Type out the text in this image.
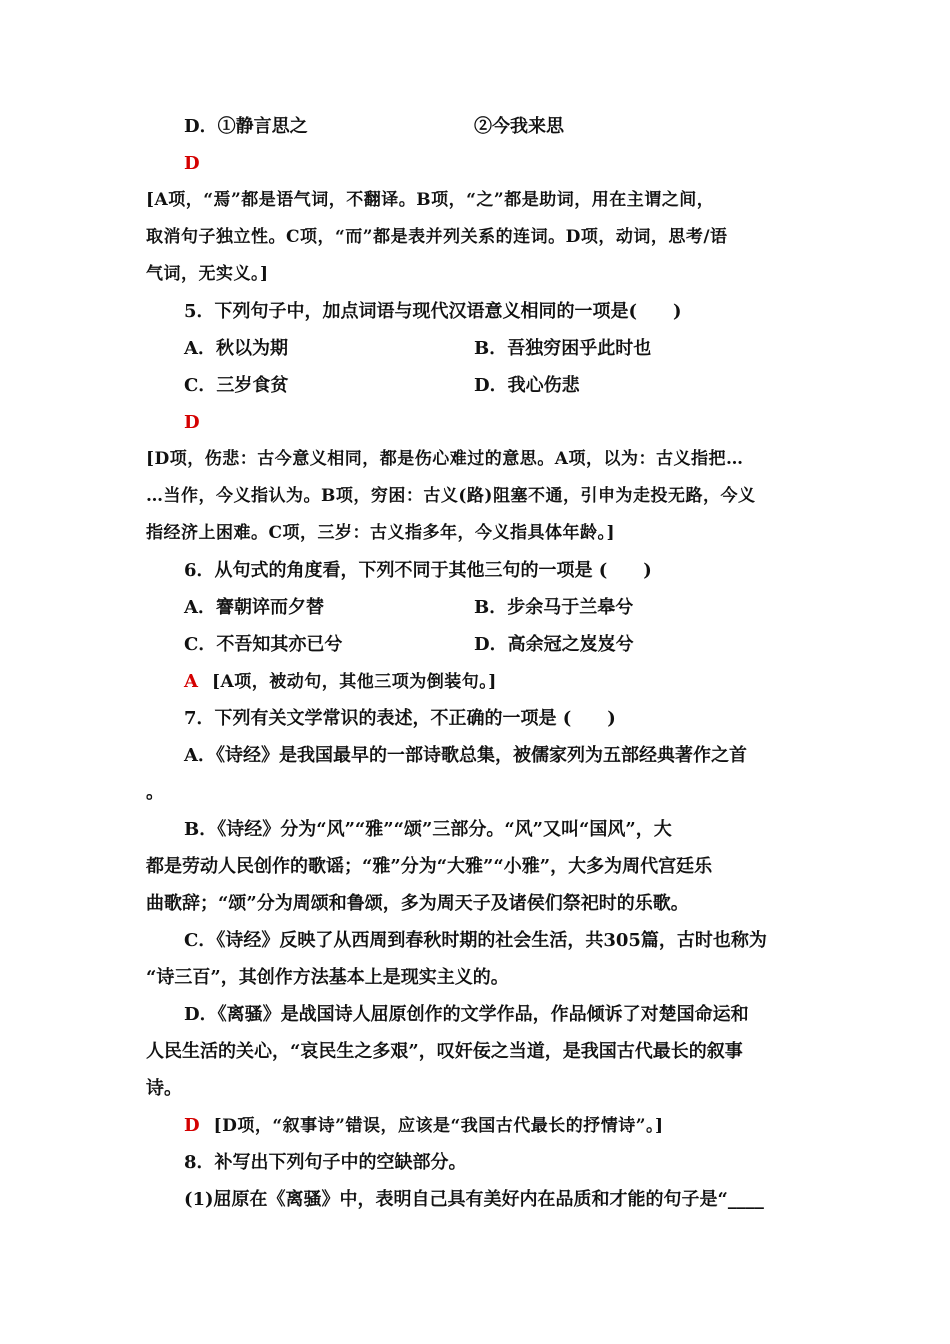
D．①静言思之	②今我来思
D
[A项，“焉”都是语气词，不翻译。B项，“之”都是助词，用在主谓之间，
取消句子独立性。C项，“而”都是表并列关系的连词。D项，动词，思考/语
气词，无实义。]
5．下列句子中，加点词语与现代汉语意义相同的一项是(　　)
A．秋以为期	B．吾独穷困乎此时也
C．三岁食贫	D．我心伤悲
D
[D项，伤悲：古今意义相同，都是伤心难过的意思。A项，以为：古义指把…
…当作，今义指认为。B项，穷困：古义(路)阻塞不通，引申为走投无路，今义
指经济上困难。C项，三岁：古义指多年，今义指具体年龄。]
6．从句式的角度看，下列不同于其他三句的一项是 (　　)
A．謇朝谇而夕替	B．步余马于兰皋兮
C．不吾知其亦已兮	D．高余冠之岌岌兮
A [A项，被动句，其他三项为倒装句。]
7．下列有关文学常识的表述，不正确的一项是 (　　)
A．《诗经》是我国最早的一部诗歌总集，被儒家列为五部经典著作之首
。
B．《诗经》分为“风”“雅”“颂”三部分。“风”又叫“国风”，大
都是劳动人民创作的歌谣；“雅”分为“大雅”“小雅”，大多为周代宫廷乐
曲歌辞；“颂”分为周颂和鲁颂，多为周天子及诸侯们祭祀时的乐歌。
C．《诗经》反映了从西周到春秋时期的社会生活，共305篇，古时也称为
“诗三百”，其创作方法基本上是现实主义的。
D．《离骚》是战国诗人屈原创作的文学作品，作品倾诉了对楚国命运和
人民生活的关心，“哀民生之多艰”，叹奸佞之当道，是我国古代最长的叙事
诗。
D [D项，“叙事诗”错误，应该是“我国古代最长的抒情诗”。]
8．补写出下列句子中的空缺部分。
(1)屈原在《离骚》中，表明自己具有美好内在品质和才能的句子是“____
